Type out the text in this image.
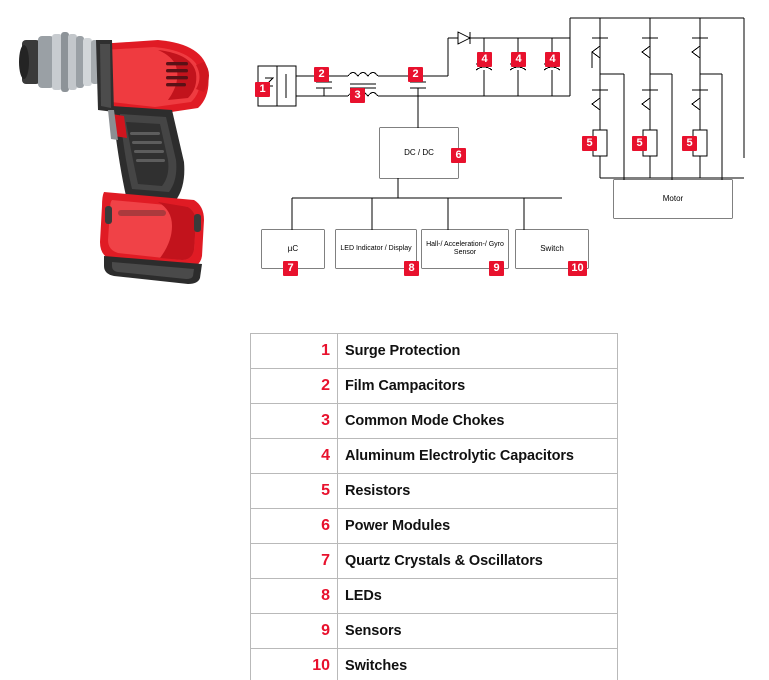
DC / DC
µC	LED Indicator / Display
Hall-/ Acceleration-/ Gyro Sensor	Switch
Motor
1
2
3
2
4	4	4
5	5	5
6
7	8	9	10
1	Surge Protection
2	Film Campacitors
3	Common Mode Chokes
4	Aluminum Electrolytic Capacitors
5	Resistors
6	Power Modules
7	Quartz Crystals & Oscillators
8	LEDs
9	Sensors
10	Switches
